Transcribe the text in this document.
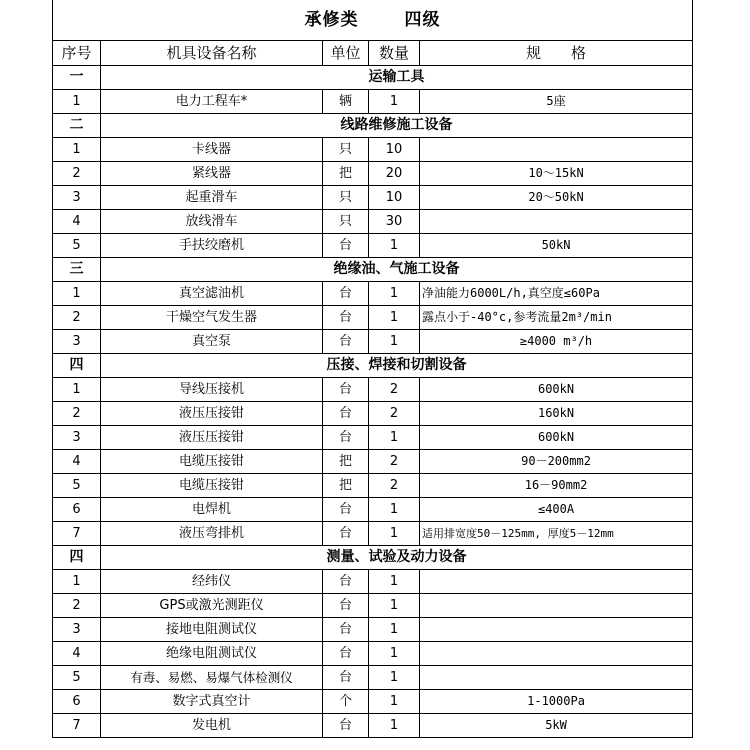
承修类 四级				
序号	机具设备名称	单位	数量	规　　格
一	运输工具			
1	电力工程车*	辆	1	5座
二	线路维修施工设备			
1	卡线器	只	10	
2	紧线器	把	20	10～15kN
3	起重滑车	只	10	20～50kN
4	放线滑车	只	30	
5	手扶绞磨机	台	1	50kN
三	绝缘油、气施工设备			
1	真空滤油机	台	1	净油能力6000L/h,真空度≤60Pa
2	干燥空气发生器	台	1	露点小于-40°c,参考流量2m³/min
3	真空泵	台	1	≥4000 m³/h
四	压接、焊接和切割设备			
1	导线压接机	台	2	600kN
2	液压压接钳	台	2	160kN
3	液压压接钳	台	1	600kN
4	电缆压接钳	把	2	90－200mm2
5	电缆压接钳	把	2	16－90mm2
6	电焊机	台	1	≤400A
7	液压弯排机	台	1	适用排宽度50－125mm, 厚度5－12mm
四	测量、试验及动力设备			
1	经纬仪	台	1	
2	GPS或激光测距仪	台	1	
3	接地电阻测试仪	台	1	
4	绝缘电阻测试仪	台	1	
5	有毒、易燃、易爆气体检测仪	台	1	
6	数字式真空计	个	1	1-1000Pa
7	发电机	台	1	5kW
